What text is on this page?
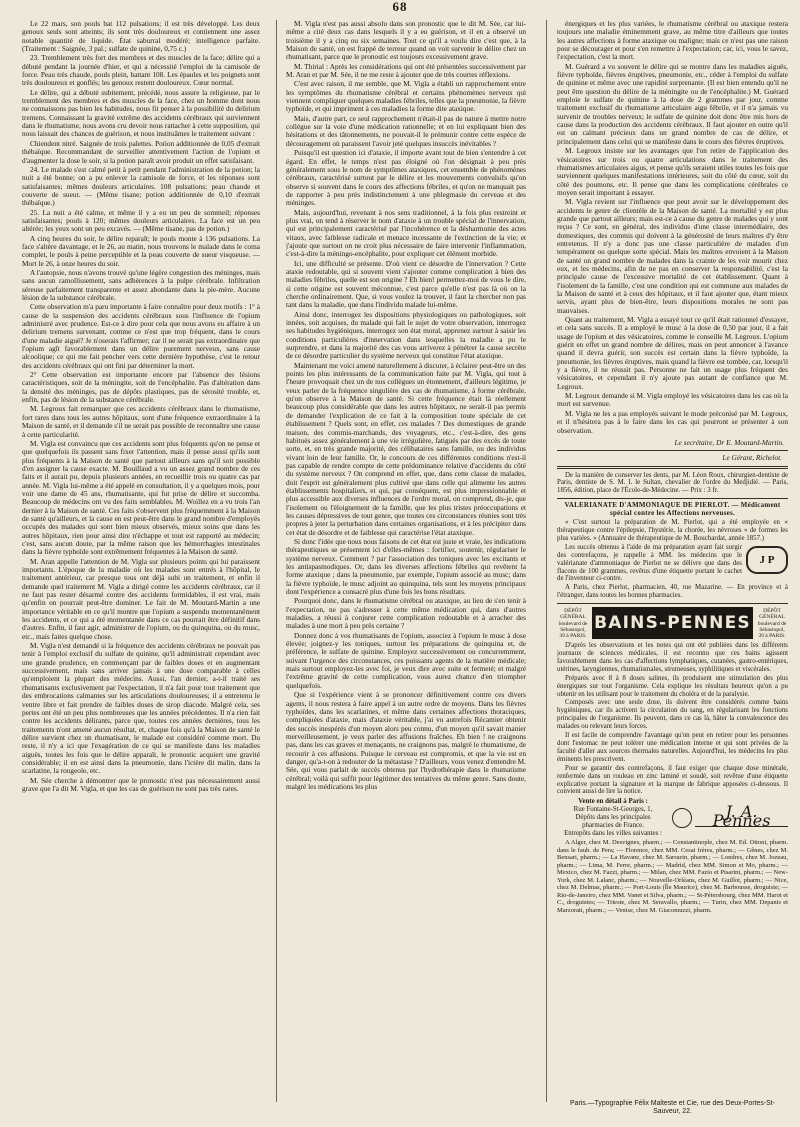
68

Le 22 mars, son pouls bat 112 pulsations; il est très développé. Les deux genoux seuls sont atteints; ils sont très douloureux et contiennent une assez notable quantité de liquide. État saburral modéré; intelligence parfaite. (Traitement : Saignée, 3 pal.; sulfate de quinine, 0,75 c.)

23. Tremblement très fort des membres et des muscles de la face; délire qui a débuté pendant la journée d'hier, et qui a nécessité l'emploi de la camisole de force. Peau très chaude, pouls plein, battant 108. Les épaules et les poignets sont très douloureux et gonflés; les genoux restent douloureux. Cœur normal.

Le délire, qui a débuté subitement, précédé, nous assure la religieuse, par le tremblement des membres et des muscles de la face, chez un homme dont nous ne connaissons pas bien les habitudes, nous fit penser à la possibilité du delirium tremens. Connaissant la gravité extrême des accidents cérébraux qui surviennent dans le rhumatisme, nous avons cru devoir nous rattacher à cette supposition, qui nous laissait des chances de guérison, et nous instituâmes le traitement suivant :

Chiendent nitré. Saignée de trois palettes. Potion additionnée de 0,05 d'extrait thébaïque. Recommandant de surveiller attentivement l'action de l'opium et d'augmenter la dose le soir, si la potion paraît avoir produit un effet satisfaisant.

24. Le malade s'est calmé petit à petit pendant l'administration de la potion; la nuit a été bonne; on a pu enlever la camisole de force, et les réponses sont satisfaisantes; mêmes douleurs articulaires. 108 pulsations; peau chaude et couverte de sueur. — (Même tisane; potion additionnée de 0,10 d'extrait thébaïque.)

25. La nuit a été calme, et même il y a eu un peu de sommeil; réponses satisfaisantes; pouls à 120; mêmes douleurs articulaires. La face est un peu altérée; les yeux sont un peu excavés. — (Même tisane, pas de potion.)

A cinq heures du soir, le délire reparaît; le pouls monte à 136 pulsations. La face s'altère davantage, et le 26, au matin, nous trouvons le malade dans le coma complet, le pouls à peine perceptible et la peau couverte de sueur visqueuse. — Mort le 26, à onze heures du soir.

A l'autopsie, nous n'avons trouvé qu'une légère congestion des méninges, mais sans aucun ramollissement, sans adhérences à la pulpe cérébrale. Infiltration séreuse parfaitement transparente et assez abondante dans la pie-mère. Aucune lésion de la substance cérébrale.

Cette observation m'a paru importante à faire connaître pour deux motifs : 1° à cause de la suspension des accidents cérébraux sous l'influence de l'opium administré avec prudence. Est-ce à dire pour cela que nous avons eu affaire à un delirium tremens survenant, comme ce n'est que trop fréquent, dans le cours d'une maladie aiguë? Je n'oserais l'affirmer; car il ne serait pas extraordinaire que l'opium agît favorablement dans un délire purement nerveux, sans cause alcoolique; ce qui me fait pencher vers cette dernière hypothèse, c'est le retour des accidents cérébraux qui ont fini par déterminer la mort.

2° Cette observation est importante encore par l'absence des lésions caractéristiques, soit de la méningite, soit de l'encéphalite. Pas d'altération dans la densité des méninges, pas de dépôts plastiques, pas de sérosité trouble, et, enfin, pas de lésion de la substance cérébrale.

M. Legroux fait remarquer que ces accidents cérébraux dans le rhumatisme, fort rares dans tous les autres hôpitaux, sont d'une fréquence extraordinaire à la Maison de santé, et il demande s'il ne serait pas possible de reconnaître une cause à cette particularité.

M. Vigla est convaincu que ces accidents sont plus fréquents qu'on ne pense et que quelquefois ils passent sans fixer l'attention, mais il pense aussi qu'ils sont plus fréquents à la Maison de santé que partout ailleurs sans qu'il soit possible d'en assigner la cause exacte. M. Bouillaud a vu un assez grand nombre de ces faits et il aurait pu, depuis plusieurs années, en recueillir trois ou quatre cas par année. M. Vigla lui-même a été appelé en consultation, il y a quelques mois, pour voir une dame de 45 ans, rhumatisante, qui fut prise de délire et succomba. Beaucoup de médecins ont vu des faits semblables. M. Woillez en a vu trois l'an dernier à la Maison de santé. Ces faits s'observent plus fréquemment à la Maison de santé qu'ailleurs, et la cause en est peut-être dans le grand nombre d'employés occupés des malades qui sont bien mieux observés, mieux soins que dans les autres hôpitaux, rien pour ainsi dire n'échappe et tout est rapporté au médecin; c'est, sans aucun doute, par la même raison que les hémorrhagies intestinales dans la fièvre typhoïde sont extrêmement fréquentes à la Maison de santé.

M. Aran appelle l'attention de M. Vigla sur plusieurs points qui lui paraissent importants. L'époque de la maladie où les malades sont entrés à l'hôpital, le traitement antérieur, car presque tous ont déjà subi un traitement, et enfin il demande quel traitement M. Vigla a dirigé contre les accidents cérébraux, car il ne faut pas rester désarmé contre des accidents formidables, il est vrai, mais qu'enfin on pourrait peut-être dominer. Le fait de M. Moutard-Martin a une importance véritable en ce qu'il montre que l'opium a suspendu momentanément les accidents, et ce qui a été momentanée dans ce cas pourrait être définitif dans d'autres. Enfin, il faut agir, administrer de l'opium, ou du quinquina, ou du musc, etc., mais faites quelque chose.

M. Vigla n'est demandé si la fréquence des accidents cérébraux ne pouvait pas tenir à l'emploi exclusif du sulfate de quinine, qu'il administrait cependant avec une grande prudence, en commençant par de faibles doses et en augmentant successivement, mais sans arriver jamais à une dose comparable à celles qu'emploient la plupart des médecins. Aussi, l'an dernier, a-t-il traité ses rhumatisants exclusivement par l'expectation, il n'a fait pour tout traitement que des embrocations calmantes sur les articulations douloureuses; il a entretenu le ventre libre et fait prendre de faibles doses de sirop diacode. Malgré cela, ses pertes ont été un peu plus nombreuses que les années précédentes. Il n'a rien fait contre les accidents délirants, parce que, toutes ces années dernières, tous les traitements n'ont amené aucun résultat, et, chaque fois qu'à la Maison de santé le délire survient chez un rhumatisant, le malade est considéré comme mort. Du reste, il n'y a ici que l'exagération de ce qui se manifeste dans les maladies aiguës, toutes les fois que le délire apparaît, le pronostic acquiert une gravité considérable; il en est ainsi dans la pneumonie, dans l'ictère dit malin, dans la scarlatine, la rougeole, etc.

M. Sée cherche à démontrer que le pronostic n'est pas nécessairement aussi grave que l'a dit M. Vigla, et que les cas de guérison ne sont pas très rares.

M. Vigla n'est pas aussi absolu dans son pronostic que le dit M. Sée, car lui-même a cité deux cas dans lesquels il y a eu guérison, et il en a observé un troisième il y a cinq ou six semaines. Tout ce qu'il a voulu dire c'est que, à la Maison de santé, on est frappé de terreur quand on voit survenir le délire chez un rhumatisant, parce que le pronostic est toujours excessivement grave.

M. Thirial : Après les considérations qui ont été présentées successivement par M. Aran et par M. Sée, il ne me reste à ajouter que de très courtes réflexions.

C'est avec raison, il me semble, que M. Vigla a établi un rapprochement entre les symptômes du rhumatisme cérébral et certains phénomènes nerveux qui viennent compliquer quelques maladies fébriles, telles que la pneumonie, la fièvre typhoïde, et qui impriment à ces maladies la forme dite ataxique.

Mais, d'autre part, ce seul rapprochement n'était-il pas de nature à mettre notre collègue sur la voie d'une médication rationnelle; et en lui expliquant bien des hésitations et des tâtonnements, ne pouvait-il le prémunir contre cette espèce de découragement où paraissent l'avoir jeté quelques insuccès inévitables ?

Puisqu'il est question ici d'ataxie, il importe avant tout de bien s'entendre à cet égard. En effet, le temps n'est pas éloigné où l'on désignait à peu près généralement sous le nom de symptômes ataxiques, cet ensemble de phénomènes cérébraux, caractérisé surtout par le délire et les mouvements convulsifs qu'on observe si souvent dans le cours des affections fébriles, et qu'on ne manquait pas de rapporter à peu près indistinctement à une phlegmasie du cerveau et des méninges.

Mais, aujourd'hui, revenant à nos sens traditionnel, à la fois plus restreint et plus vrai, on tend à réserver le nom d'ataxie à un trouble spécial de l'innervation, qui est principalement caractérisé par l'incohérence et la désharmonie des actes vitaux, avec faiblesse radicale et menace incessante de l'extinction de la vie; et j'ajoute que surtout on ne croit plus nécessaire de faire intervenir l'inflammation, c'est-à-dire la méningo-encéphalite, pour expliquer cet élément morbide.

Ici, une difficulté se présente. D'où vient ce désordre de l'innervation ? Cette ataxie redoutable, qui si souvent vient s'ajouter comme complication à bien des maladies fébriles, quelle est son origine ? Eh bien! permettez-moi de vous le dire, si cette origine est souvent méconnue, c'est parce qu'elle n'est pas là où on la cherche ordinairement. Que, si vous voulez la trouver, il faut la chercher non pas tant dans la maladie, que dans l'individu malade lui-même.

Ainsi donc, interrogez les dispositions physiologiques ou pathologiques, soit innées, soit acquises, du malade qui fait le sujet de votre observation, interrogez ses habitudes hygiéniques, interrogez son état moral, apprenez surtout à saisir les conditions particulières d'innervation dans lesquelles la maladie a pu le surprendre, et dans la majorité des cas vous arriverez à pénétrer la cause secrète de ce désordre particulier du système nerveux qui constitue l'état ataxique.

Maintenant me voici amené naturellement à discuter, à éclairer peut-être un des points les plus intéressants de la communication faite par M. Vigla, qui tout à l'heure provoquait chez un de nos collègues un étonnement, d'ailleurs légitime, je veux parler de la fréquence singulière des cas de rhumatisme, à forme cérébrale, qu'on observe à la Maison de santé. Si cette fréquence était là réellement beaucoup plus considérable que dans les autres hôpitaux, ne serait-il pas permis de demander l'explication de ce fait à la composition toute spéciale de cet établissement ? Quels sont, en effet, ces malades ? Des domestiques de grande maison, des commis-marchands, des voyageurs, etc., c'est-à-dire, des gens habitués assez généralement à une vie irrégulière, fatigués par des excès de toute sorte, et, en très grande majorité, des célibataires sans famille, ou des individus vivant loin de leur famille. Or, le concours de ces différentes conditions n'est-il pas capable de rendre compte de cette prédominance relative d'accidents du côté du système nerveux ? On comprend en effet, que, dans cette classe de malades, doit l'esprit est généralement plus cultivé que dans celle qui alimente les autres établissements hospitaliers, et qui, par conséquent, est plus impressionnable et plus accessible aux diverses influences de l'ordre moral, on comprend, dis-je, que l'isolement ou l'éloignement de la famille, que les plus tristes préoccupations et les causes dépressives de tout genre, que toutes ces circonstances réunies sont très propres à jeter la perturbation dans certaines organisations, et à les précipiter dans cet état de désordre et de faiblesse qui caractérise l'état ataxique.

Si donc l'idée que nous nous faisons de cet état est juste et vraie, les indications thérapeutiques se présentent ici d'elles-mêmes : fortifier, soutenir, régulariser le système nerveux. Comment ? par l'association des toniques avec les excitants et les antispasmodiques. Or, dans les diverses affections fébriles qui revêtent la forme ataxique ; dans la pneumonie, par exemple, l'opium associé au musc; dans la fièvre typhoïde, le musc adjoint au quinquina, tels sont les moyens principaux dont l'expérience a consacré plus d'une fois les bons résultats.

Pourquoi donc, dans le rhumatisme cérébral ou ataxique, au lieu de s'en tenir à l'expectation, ne pas s'adresser à cette même médication qui, dans d'autres maladies, a réussi à conjurer cette complication redoutable et à arracher des malades à une mort à peu près certaine ?

Donnez donc à vos rhumatisants de l'opium, associez à l'opium le musc à dose élevée; joignez-y les toniques, surtout les préparations de quinquina et, de préférence, le sulfate de quinine. Employez successivement ou concurremment, suivant l'urgence des circonstances, ces puissants agents de la matière médicale; mais surtout employez-les avec foi, je veux dire avec suite et fermeté; et malgré l'extrême gravité de cette complication, vous aurez chance d'en triompher quelquefois.

Que si l'expérience vient à se prononcer définitivement contre ces divers agents, il nous restera à faire appel à un autre ordre de moyens. Dans les fièvres typhoïdes, dans les scarlatines, et même dans certaines affections thoraciques, compliquées d'ataxie, mais d'ataxie véritable, j'ai vu autrefois Récamier obtenir des succès inespérés d'un moyen alors peu connu, d'un moyen qu'il savait manier merveilleusement, je veux parler des affusions fraîches. Eh bien ! ne craignons pas, dans les cas graves et menaçants, ne craignons pas, malgré le rhumatisme, de recourir à ces affusions. Puisque le cerveau est compromis, et que la vie est en danger, qu'a-t-on à redouter de la métastase ? D'ailleurs, vous venez d'entendre M. Sée, qui vous parlait de succès obtenus par l'hydrothérapie dans le rhumatisme cérébral; voilà qui suffit pour légitimer des tentatives du même genre. Sans doute, malgré les médications les plus

énergiques et les plus variées, le rhumatisme cérébral ou ataxique restera toujours une maladie éminemment grave, au même titre d'ailleurs que toutes les autres affections à forme ataxique ou maligne; mais ce n'est pas une raison pour se décourager et pour s'en remettre à l'expectation; car, ici, vous le savez, l'expectation, c'est la mort.

M. Guérard a vu souvent le délire qui se montre dans les maladies aiguës, fièvre typhoïde, fièvres éruptives, pneumonie, etc., céder à l'emploi du sulfate de quinine et même avec une rapidité surprenante. (Il est bien entendu qu'il ne peut être question du délire de la méningite ou de l'encéphalite.) M. Guérard emploie le sulfate de quinine à la dose de 2 grammes par jour, comme traitement exclusif du rhumatisme articulaire aigu fébrile, et il n'a jamais vu survenir de troubles nerveux; le sulfate de quinine doit donc être mis hors de cause dans la production des accidents cérébraux. Il faut ajouter en outre qu'il est un calmant précieux dans un grand nombre de cas de délire, et principalement dans celui qui se manifeste dans le cours des fièvres éruptives.

M. Legroux insiste sur les avantages que l'on retire de l'application des vésicatoires sur trois ou quatre articulations dans le traitement des rhumatismes articulaires aigus, et pense qu'ils seraient utiles toutes les fois que surviennent quelques manifestations intérieures, soit du côté du cœur, soit du côté des poumons, etc. Il pense que dans les complications cérébrales ce moyen serait important à essayer.

M. Vigla revient sur l'influence que peut avoir sur le développement des accidents le genre de clientèle de la Maison de santé. La mortalité y est plus grande que partout ailleurs; mais est-ce à cause du genre de malades qui y sont reçus ? Ce sont, en général, des individus d'une classe intermédiaire, des domestiques, des commis qui doivent à la générosité de leurs maîtres d'y être entretenus. Il n'y a donc pas une classe particulière de malades d'un tempérament ou quelque sorte spécial. Mais les maîtres envoient à la Maison de santé un grand nombre de malades dans la crainte de les voir mourir chez eux, et les médecins, afin de ne pas en conserver la responsabilité, c'est la principale cause de l'excessive mortalité de cet établissement. Quant à l'isolement de la famille, c'est une condition qui est commune aux malades de la Maison de santé et à ceux des hôpitaux, et il faut ajouter que, étant mieux servis, ayant plus de bien-être, leurs dispositions morales ne sont pas mauvaises.

Quant au traitement, M. Vigla a essayé tout ce qu'il était rationnel d'essayer, et cela sans succès. Il a employé le musc à la dose de 0,50 par jour, il a fait usage de l'opium et des vésicatoires, comme le conseille M. Legroux. L'opium guérit en effet un grand nombre de délires, mais on peut annoncer à l'avance quand il devra guérir, son succès est certain dans la fièvre typhoïde, la pneumonie, les fièvres éruptives, mais quand la fièvre est tombée, car, lorsqu'il y a fièvre, il ne réussit pas. Personne ne fait un usage plus fréquent des vésicatoires, et cependant il n'y ajoute pas autant de confiance que M. Legroux.

M. Legroux demande si M. Vigla employé les vésicatoires dans les cas où la mort est survenue.

M. Vigla ne les a pas employés suivant le mode préconisé par M. Legroux, et il n'hésitera pas à le faire dans les cas qui pourront se présenter à son observation.

Le secrétaire, Dr E. Moutard-Martin.

Le Gérant, Richelot.

De la manière de conserver les dents, par M. Léon Roux, chirurgien-dentiste de Paris, dentiste de S. M. I. le Sultan, chevalier de l'ordre du Medjidié. — Paris, 1856, édition, place de l'École-de-Médecine. — Prix : 3 fr.

VALERIANATE D'AMMONIAQUE DE PIERLOT. — Médicament spécial contre les Affections nerveuses.

« C'est surtout la préparation de M. Pierlot, qui a été employée en « thérapeutique contre l'épilepsie, l'hystérie, la chorée, les névroses « de formes les plus variées. » (Annuaire de thérapeutique de M. Bouchardat, année 1857.)

J P

Les succès obtenus à l'aide de ma préparation ayant fait surgir des contrefaçons, je rappelle à MM. les médecins que le valérianate d'ammoniaque de Pierlot ne se délivre que dans des flacons de 100 grammes, revêtus d'une étiquette portant le cachet de l'inventeur ci-contre.

A Paris, chez Pierlot, pharmacien, 40, rue Mazarine. — En province et à l'étranger, dans toutes les bonnes pharmacies.

DÉPÔT GÉNÉRAL boulevard de Sébastopol, 39 à PARIS.
BAINS-PENNES
DÉPÔT GÉNÉRAL boulevard de Sébastopol, 39 à PARIS.

D'après les observations et les notes qui ont été publiées dans les différents journaux de sciences médicales, il est reconnu que ces bains agissent favorablement dans les cas d'affections lymphatiques, cutanées, gastro-entériques, utérines, laryngiennes, rhumatismales, strumeuses, syphilitiques et viscérales.

Préparés avec 8 à 8 doses salines, ils produisent une stimulation des plus énergiques sur tout l'organisme. Cela explique les résultats heureux qu'on a pu obtenir en les utilisant pour le traitement du choléra et de la paralysie.

Composés avec une seule dose, ils doivent être considérés comme bains hygiéniques, car ils activent la circulation du sang, en régularisant les fonctions principales de l'organisme. Ils peuvent, dans ce cas là, hâter la convalescence des malades ou relevant leurs forces.

Il est facile de comprendre l'avantage qu'on peut en retirer pour les personnes dont l'estomac ne peut tolérer une médication interne et qui sont privées de la faculté d'aller aux sources thermales naturelles. Aujourd'hui, les médecins les plus éminents les prescrivent.

Pour se garantir des contrefaçons, il faut exiger que chaque dose minérale, renfermée dans un rouleau en zinc laminé et soudé, soit revêtue d'une étiquette explicative portant la signature et la marque de fabrique apposées ci-dessous. Il convient aussi de lire la notice.

Vente en détail à Paris :
Rue Fontaine-St-Georges, 1,
Dépôts dans les principales
pharmacies de France.
Entrepôts dans les villes suivantes :
J. A. Pennes

A Alger, chez M. Desvignes, pharm.; — Constantinople, chez M. Ed. Ottoni, pharm. dans le faub. de Pera; — Florence, chez MM. Cesai frères, pharm.; — Gênes, chez M. Bensari, pharm.; — La Havane, chez M. Sarrazin, pharm.; — Londres, chez M. Jozeau, pharm.; — Lima, M. Ferre, pharm.; — Madrid, chez MM. Simon et Mo, pharm.; — Mexico, chez M. Fazzi, pharm.; — Milan, chez MM. Fazio et Pisarini, pharm.; — New-York, chez M. Lalanc, pharm.; — Nouvelle-Orléans, chez M. Guillot, pharm.; — Nice, chez M. Delmas, pharm.; — Port-Louis (Île Maurice), chez M. Barbousse, droguiste; — Rio-de-Janeiro, chez MM. Vanet et Silva, pharm.; — St-Pétersbourg, chez MM. Harot et C., droguistes; — Trieste, chez M. Seravallo, pharm.; — Turin, chez MM. Depanis et Marzorati, pharm.; — Venise, chez M. Giacomuzzi, pharm.

Paris.—Typographie Félix Malteste et Cie, rue des Deux-Portes-St-Sauveur, 22.
